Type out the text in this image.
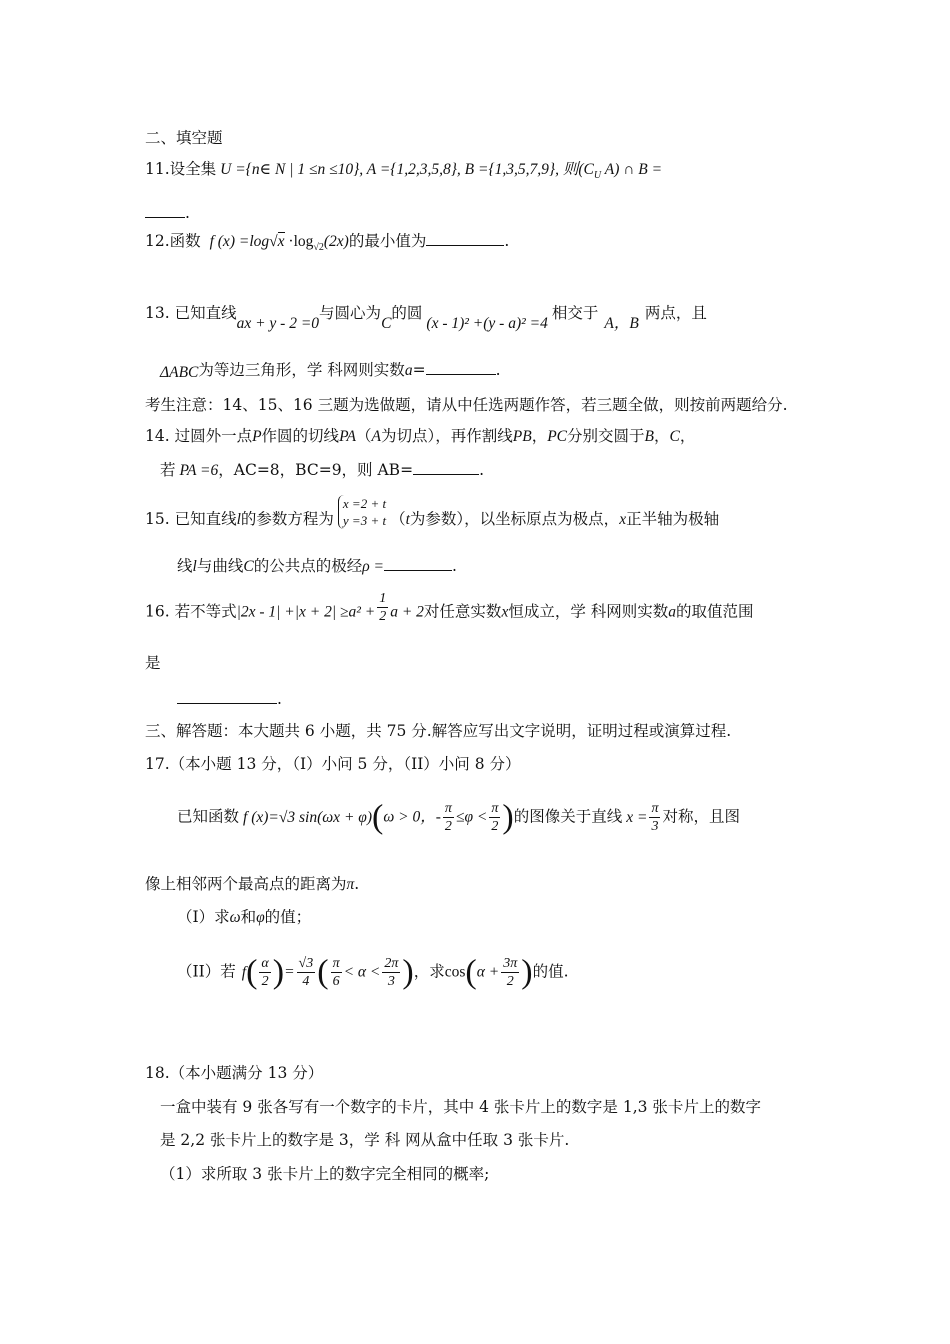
二、填空题
11.设全集 U ={n∈ N | 1 ≤n ≤10}, A ={1,2,3,5,8}, B ={1,3,5,7,9}, 则($C_U$ A) ∩ B =
.
12.函数 f $(x) =\log√x \cdot\log_{√2}(2x)$的最小值为	.
13. 已知直线ax + y - 2 =0与圆心为C的圆(x - 1)² +(y - a)² =4相交于A，B两点，且
ΔABC为等边三角形，学 科网则实数a=	.
考生注意：14、15、16 三题为选做题，请从中任选两题作答，若三题全做，则按前两题给分.
14. 过圆外一点P作圆的切线PA（A为切点），再作割线PB，PC分别交圆于B，C，
若 PA =6，AC=8，BC=9，则 AB=	.
15. 已知直线l的参数方程为
x =2 + t
y =3 + t （t为参数），以坐标原点为极点，x正半轴为极轴
线l与曲线C的公共点的极经ρ =	.
16. 若不等式$|2x - 1| +|x + 2| \ge a^2 + \frac{1}{2}$ a + 2对任意实数x恒成立，学 科网则实数a的取值范围
是
.
三、解答题：本大题共 6 小题，共 75 分.解答应写出文字说明，证明过程或演算过程.
17.（本小题 13 分，（I）小问 5 分，（II）小问 8 分）
已知函数 f (x)=√3 sin(ωx + φ)(ω > 0，- $\frac{\pi}{2} \le\varphi < \frac{\pi}{2}$ )的图像关于直线 $x = \frac{\pi}{3}$ 对称，且图
像上相邻两个最高点的距离为π.
（I）求ω和φ的值；
（II）若 $f( \frac{\alpha}{2}$ )= $\frac{√3}{4}$ ( $\frac{\pi}{6} < \alpha < \frac{2\pi}{3}$ )，求$\cos(\alpha + \frac{3\pi}{2}$ )的值.
18.（本小题满分 13 分）
一盒中装有 9 张各写有一个数字的卡片，其中 4 张卡片上的数字是 1,3 张卡片上的数字
是 2,2 张卡片上的数字是 3，学 科 网从盒中任取 3 张卡片.
（1）求所取 3 张卡片上的数字完全相同的概率;
